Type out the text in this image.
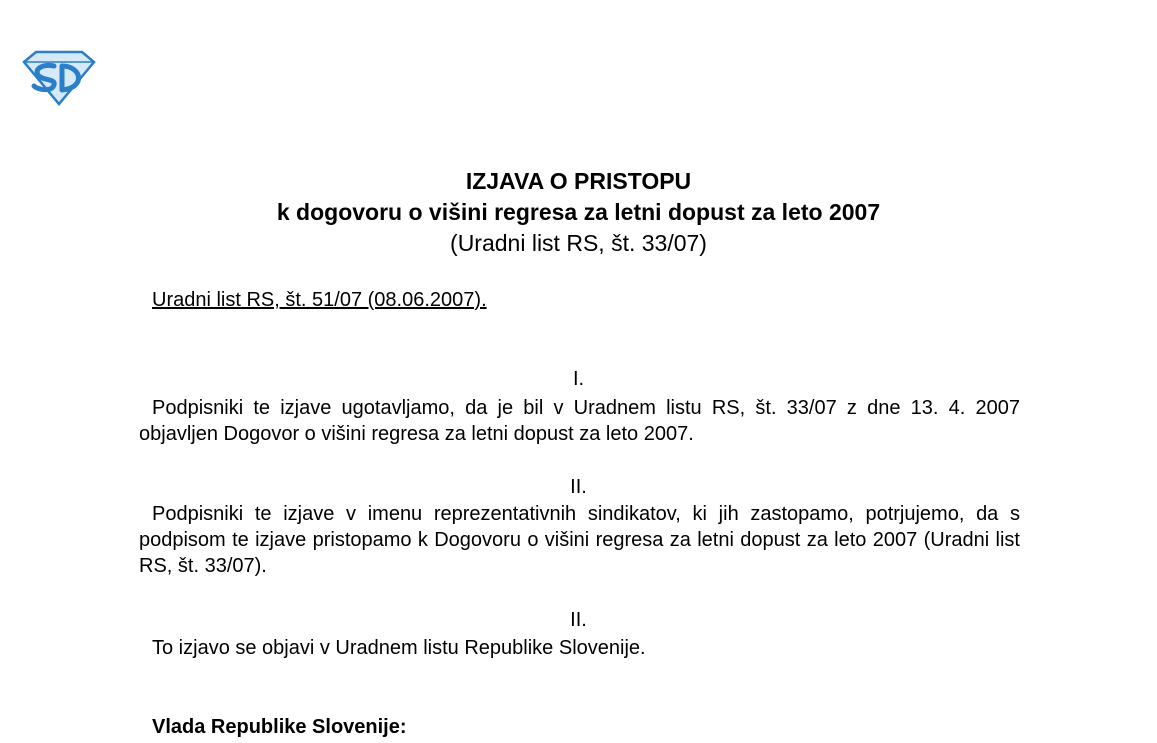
SD
IZJAVA O PRISTOPU
k dogovoru o višini regresa za letni dopust za leto 2007
(Uradni list RS, št. 33/07)
Uradni list RS, št. 51/07 (08.06.2007).
I.

Podpisniki te izjave ugotavljamo, da je bil v Uradnem listu RS, št. 33/07 z dne 13. 4. 2007 objavljen Dogovor o višini regresa za letni dopust za leto 2007.

II.

Podpisniki te izjave v imenu reprezentativnih sindikatov, ki jih zastopamo, potrjujemo, da s podpisom te izjave pristopamo k Dogovoru o višini regresa za letni dopust za leto 2007 (Uradni list RS, št. 33/07).

II.

To izjavo se objavi v Uradnem listu Republike Slovenije.

Vlada Republike Slovenije:
